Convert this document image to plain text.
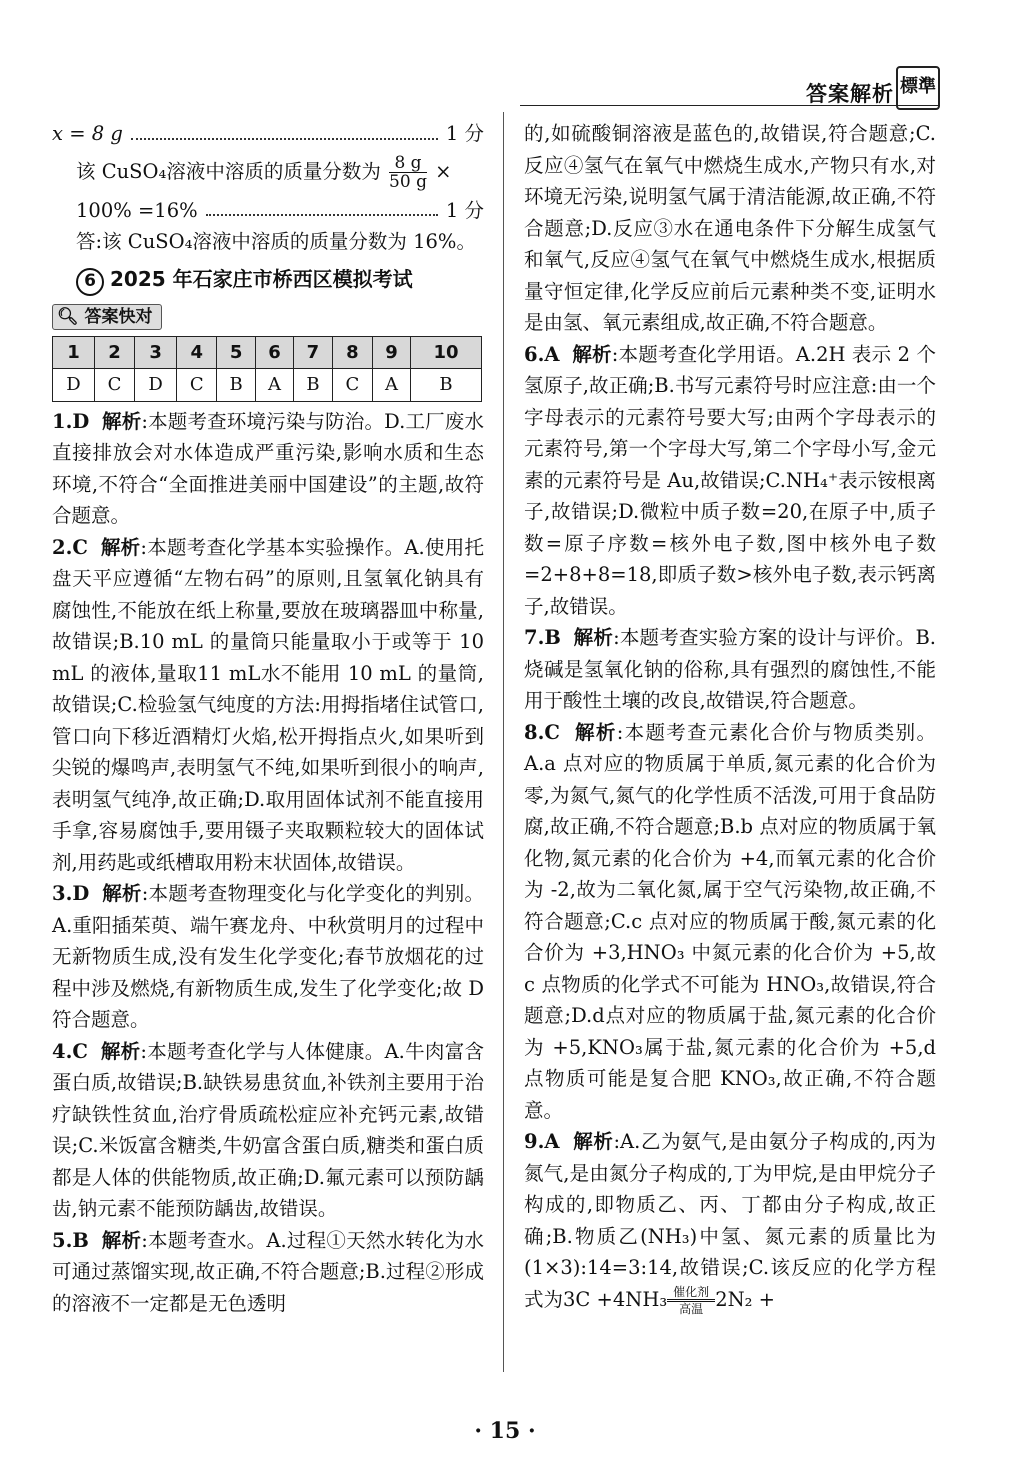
答案解析 標準
x = 8 g	1 分

该 CuSO₄溶液中溶质的质量分数为 $\frac{8 g}{50 g}$ ×

100% =16%	1 分

答:该 CuSO₄溶液中溶质的质量分数为 16%。

6 2025 年石家庄市桥西区模拟考试
🔍︎ 答案快对
1	2	3	4	5	6	7	8	9	10
D	C	D	C	B	A	B	C	A	B

1.D 解析:本题考查环境污染与防治。D.工厂废水直接排放会对水体造成严重污染,影响水质和生态环境,不符合“全面推进美丽中国建设”的主题,故符合题意。

2.C 解析:本题考查化学基本实验操作。A.使用托盘天平应遵循“左物右码”的原则,且氢氧化钠具有腐蚀性,不能放在纸上称量,要放在玻璃器皿中称量,故错误;B.10 mL 的量筒只能量取小于或等于 10 mL 的液体,量取11 mL水不能用 10 mL 的量筒,故错误;C.检验氢气纯度的方法:用拇指堵住试管口,管口向下移近酒精灯火焰,松开拇指点火,如果听到尖锐的爆鸣声,表明氢气不纯,如果听到很小的响声,表明氢气纯净,故正确;D.取用固体试剂不能直接用手拿,容易腐蚀手,要用镊子夹取颗粒较大的固体试剂,用药匙或纸槽取用粉末状固体,故错误。

3.D 解析:本题考查物理变化与化学变化的判别。A.重阳插茱萸、端午赛龙舟、中秋赏明月的过程中无新物质生成,没有发生化学变化;春节放烟花的过程中涉及燃烧,有新物质生成,发生了化学变化;故 D 符合题意。

4.C 解析:本题考查化学与人体健康。A.牛肉富含蛋白质,故错误;B.缺铁易患贫血,补铁剂主要用于治疗缺铁性贫血,治疗骨质疏松症应补充钙元素,故错误;C.米饭富含糖类,牛奶富含蛋白质,糖类和蛋白质都是人体的供能物质,故正确;D.氟元素可以预防龋齿,钠元素不能预防龋齿,故错误。

5.B 解析:本题考查水。A.过程①天然水转化为水可通过蒸馏实现,故正确,不符合题意;B.过程②形成的溶液不一定都是无色透明

的,如硫酸铜溶液是蓝色的,故错误,符合题意;C.反应④氢气在氧气中燃烧生成水,产物只有水,对环境无污染,说明氢气属于清洁能源,故正确,不符合题意;D.反应③水在通电条件下分解生成氢气和氧气,反应④氢气在氧气中燃烧生成水,根据质量守恒定律,化学反应前后元素种类不变,证明水是由氢、氧元素组成,故正确,不符合题意。

6.A 解析:本题考查化学用语。A.2H 表示 2 个氢原子,故正确;B.书写元素符号时应注意:由一个字母表示的元素符号要大写;由两个字母表示的元素符号,第一个字母大写,第二个字母小写,金元素的元素符号是 Au,故错误;C.NH₄⁺表示铵根离子,故错误;D.微粒中质子数=20,在原子中,质子数=原子序数=核外电子数,图中核外电子数=2+8+8=18,即质子数>核外电子数,表示钙离子,故错误。

7.B 解析:本题考查实验方案的设计与评价。B.烧碱是氢氧化钠的俗称,具有强烈的腐蚀性,不能用于酸性土壤的改良,故错误,符合题意。

8.C 解析:本题考查元素化合价与物质类别。A.a 点对应的物质属于单质,氮元素的化合价为零,为氮气,氮气的化学性质不活泼,可用于食品防腐,故正确,不符合题意;B.b 点对应的物质属于氧化物,氮元素的化合价为 +4,而氧元素的化合价为 -2,故为二氧化氮,属于空气污染物,故正确,不符合题意;C.c 点对应的物质属于酸,氮元素的化合价为 +3,HNO₃ 中氮元素的化合价为 +5,故 c 点物质的化学式不可能为 HNO₃,故错误,符合题意;D.d点对应的物质属于盐,氮元素的化合价为 +5,KNO₃属于盐,氮元素的化合价为 +5,d 点物质可能是复合肥 KNO₃,故正确,不符合题意。

9.A 解析:A.乙为氨气,是由氨分子构成的,丙为氮气,是由氮分子构成的,丁为甲烷,是由甲烷分子构成的,即物质乙、丙、丁都由分子构成,故正确;B.物质乙(NH₃)中氢、氮元素的质量比为(1×3):14=3:14,故错误;C.该反应的化学方程式为3C +4NH₃ 催化剂
高温 2N₂ +

· 15 ·
